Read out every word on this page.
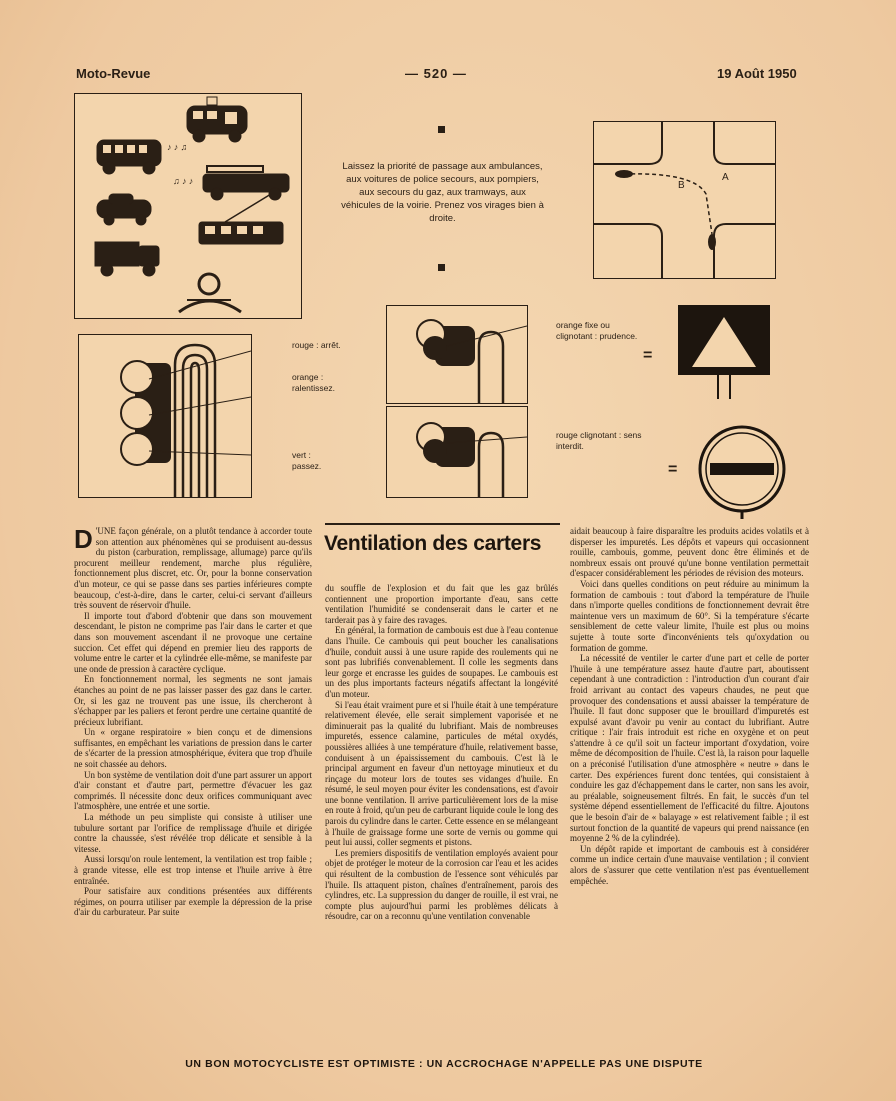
Moto-Revue	— 520 —	19 Août 1950
♪ ♪ ♫
♫ ♪ ♪
Laissez la priorité de passage aux ambulances, aux voitures de police secours, aux pompiers, aux secours du gaz, aux tramways, aux véhicules de la voirie. Prenez vos virages bien à droite.
A
B
rouge : arrêt.
orange : ralentissez.
vert : passez.
orange fixe ou clignotant : prudence.
rouge clignotant : sens interdit.
=
=
Ventilation des carters

D 'UNE façon générale, on a plutôt tendance à accorder toute son attention aux phénomènes qui se produisent au-dessus du piston (carburation, remplissage, allumage) parce qu'ils procurent meilleur rendement, marche plus régulière, fonctionnement plus discret, etc. Or, pour la bonne conservation d'un moteur, ce qui se passe dans ses parties inférieures compte beaucoup, c'est-à-dire, dans le carter, celui-ci servant d'ailleurs très souvent de réservoir d'huile.

Il importe tout d'abord d'obtenir que dans son mouvement descendant, le piston ne comprime pas l'air dans le carter et que dans son mouvement ascendant il ne provoque une certaine succion. Cet effet qui dépend en premier lieu des rapports de volume entre le carter et la cylindrée elle-même, se manifeste par une onde de pression à caractère cyclique.

En fonctionnement normal, les segments ne sont jamais étanches au point de ne pas laisser passer des gaz dans le carter. Or, si les gaz ne trouvent pas une issue, ils chercheront à s'échapper par les paliers et feront perdre une certaine quantité de précieux lubrifiant.

Un « organe respiratoire » bien conçu et de dimensions suffisantes, en empêchant les variations de pression dans le carter de s'écarter de la pression atmosphérique, évitera que trop d'huile ne soit chassée au dehors.

Un bon système de ventilation doit d'une part assurer un apport d'air constant et d'autre part, permettre d'évacuer les gaz comprimés. Il nécessite donc deux orifices communiquant avec l'atmosphère, une entrée et une sortie.

La méthode un peu simpliste qui consiste à utiliser une tubulure sortant par l'orifice de remplissage d'huile et dirigée contre la chaussée, s'est révélée trop délicate et sensible à la vitesse.

Aussi lorsqu'on roule lentement, la ventilation est trop faible ; à grande vitesse, elle est trop intense et l'huile arrive à être entraînée.

Pour satisfaire aux conditions présentées aux différents régimes, on pourra utiliser par exemple la dépression de la prise d'air du carburateur. Par suite

du souffle de l'explosion et du fait que les gaz brûlés contiennent une proportion importante d'eau, sans cette ventilation l'humidité se condenserait dans le carter et ne tarderait pas à y faire des ravages.

En général, la formation de cambouis est due à l'eau contenue dans l'huile. Ce cambouis qui peut boucher les canalisations d'huile, conduit aussi à une usure rapide des roulements qui ne sont pas lubrifiés convenablement. Il colle les segments dans leur gorge et encrasse les guides de soupapes. Le cambouis est un des plus importants facteurs négatifs affectant la longévité d'un moteur.

Si l'eau était vraiment pure et si l'huile était à une température relativement élevée, elle serait simplement vaporisée et ne diminuerait pas la qualité du lubrifiant. Mais de nombreuses impuretés, essence calamine, particules de métal oxydés, poussières alliées à une température d'huile, relativement basse, conduisent à un épaississement du cambouis. C'est là le principal argument en faveur d'un nettoyage minutieux et du rinçage du moteur lors de toutes ses vidanges d'huile. En résumé, le seul moyen pour éviter les condensations, est d'avoir une bonne ventilation. Il arrive particulièrement lors de la mise en route à froid, qu'un peu de carburant liquide coule le long des parois du cylindre dans le carter. Cette essence en se mélangeant à l'huile de graissage forme une sorte de vernis ou gomme qui peut lui aussi, coller segments et pistons.

Les premiers dispositifs de ventilation employés avaient pour objet de protéger le moteur de la corrosion car l'eau et les acides qui résultent de la combustion de l'essence sont véhiculés par l'huile. Ils attaquent piston, chaînes d'entraînement, parois des cylindres, etc. La suppression du danger de rouille, il est vrai, ne compte plus aujourd'hui parmi les problèmes délicats à résoudre, car on a reconnu qu'une ventilation convenable

aidait beaucoup à faire disparaître les produits acides volatils et à disperser les impuretés. Les dépôts et vapeurs qui occasionnent rouille, cambouis, gomme, peuvent donc être éliminés et de nombreux essais ont prouvé qu'une bonne ventilation permettait d'espacer considérablement les périodes de révision des moteurs.

Voici dans quelles conditions on peut réduire au minimum la formation de cambouis : tout d'abord la température de l'huile dans n'importe quelles conditions de fonctionnement devrait être maintenue vers un maximum de 60°. Si la température s'écarte sensiblement de cette valeur limite, l'huile est plus ou moins sujette à toute sorte d'inconvénients tels qu'oxydation ou formation de gomme.

La nécessité de ventiler le carter d'une part et celle de porter l'huile à une température assez haute d'autre part, aboutissent cependant à une contradiction : l'introduction d'un courant d'air froid arrivant au contact des vapeurs chaudes, ne peut que provoquer des condensations et aussi abaisser la température de l'huile. Il faut donc supposer que le brouillard d'impuretés est expulsé avant d'avoir pu venir au contact du lubrifiant. Autre critique : l'air frais introduit est riche en oxygène et on peut s'attendre à ce qu'il soit un facteur important d'oxydation, voire même de décomposition de l'huile. C'est là, la raison pour laquelle on a préconisé l'utilisation d'une atmosphère « neutre » dans le carter. Des expériences furent donc tentées, qui consistaient à conduire les gaz d'échappement dans le carter, non sans les avoir, au préalable, soigneusement filtrés. En fait, le succès d'un tel système dépend essentiellement de l'efficacité du filtre. Ajoutons que le besoin d'air de « balayage » est relativement faible ; il est surtout fonction de la quantité de vapeurs qui prend naissance (en moyenne 2 % de la cylindrée).

Un dépôt rapide et important de cambouis est à considérer comme un indice certain d'une mauvaise ventilation ; il convient alors de s'assurer que cette ventilation n'est pas éventuellement empêchée.

UN BON MOTOCYCLISTE EST OPTIMISTE : UN ACCROCHAGE N'APPELLE PAS UNE DISPUTE
